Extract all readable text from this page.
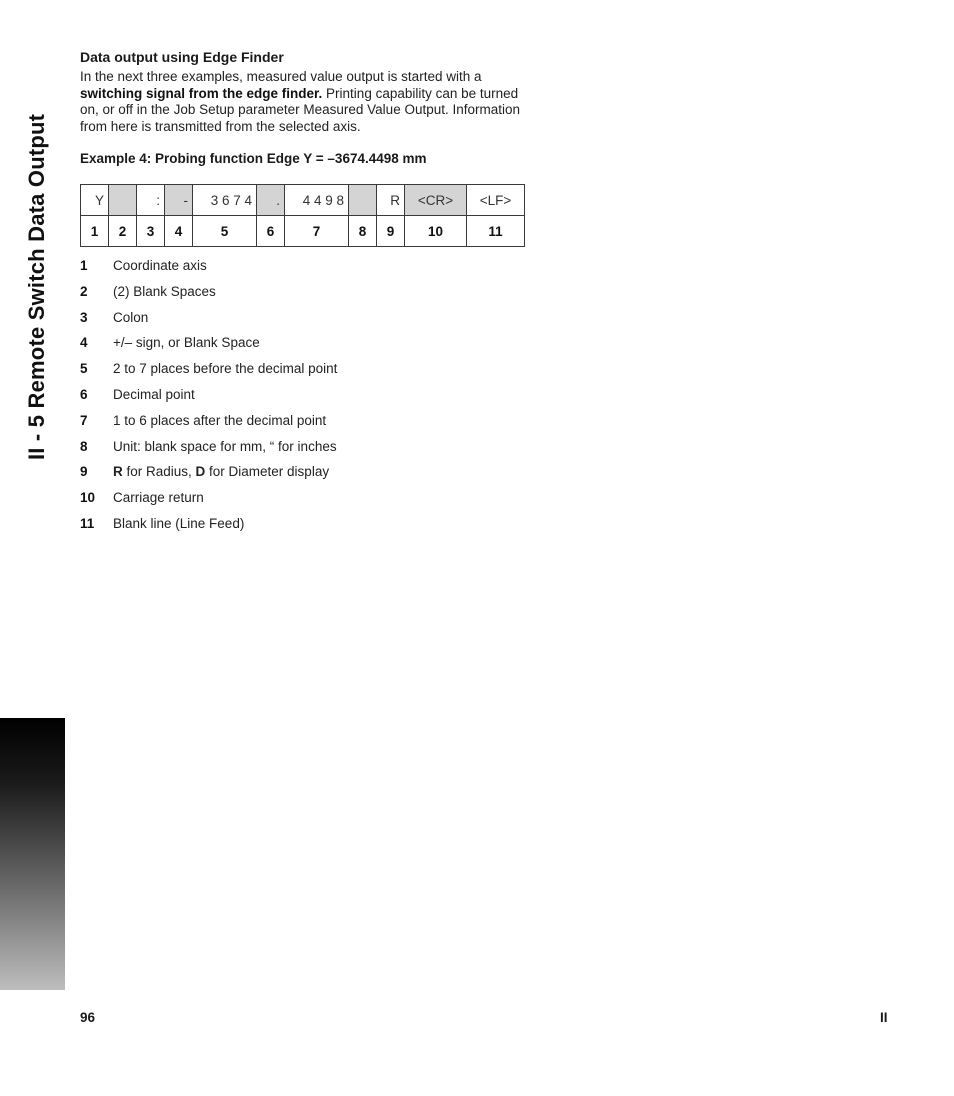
II - 5 Remote Switch Data Output
Data output using Edge Finder

In the next three examples, measured value output is started with a switching signal from the edge finder. Printing capability can be turned on, or off in the Job Setup parameter Measured Value Output. Information from here is transmitted from the selected axis.

Example 4: Probing function Edge Y = –3674.4498 mm
Y		:	-	3 6 7 4	.	4 4 9 8		R	<CR>	<LF>
1	2	3	4	5	6	7	8	9	10	11
1	Coordinate axis
2	(2) Blank Spaces
3	Colon
4	+/– sign, or Blank Space
5	2 to 7 places before the decimal point
6	Decimal point
7	1 to 6 places after the decimal point
8	Unit: blank space for mm, “ for inches
9	R for Radius, D for Diameter display
10	Carriage return
11	Blank line (Line Feed)
96	II
